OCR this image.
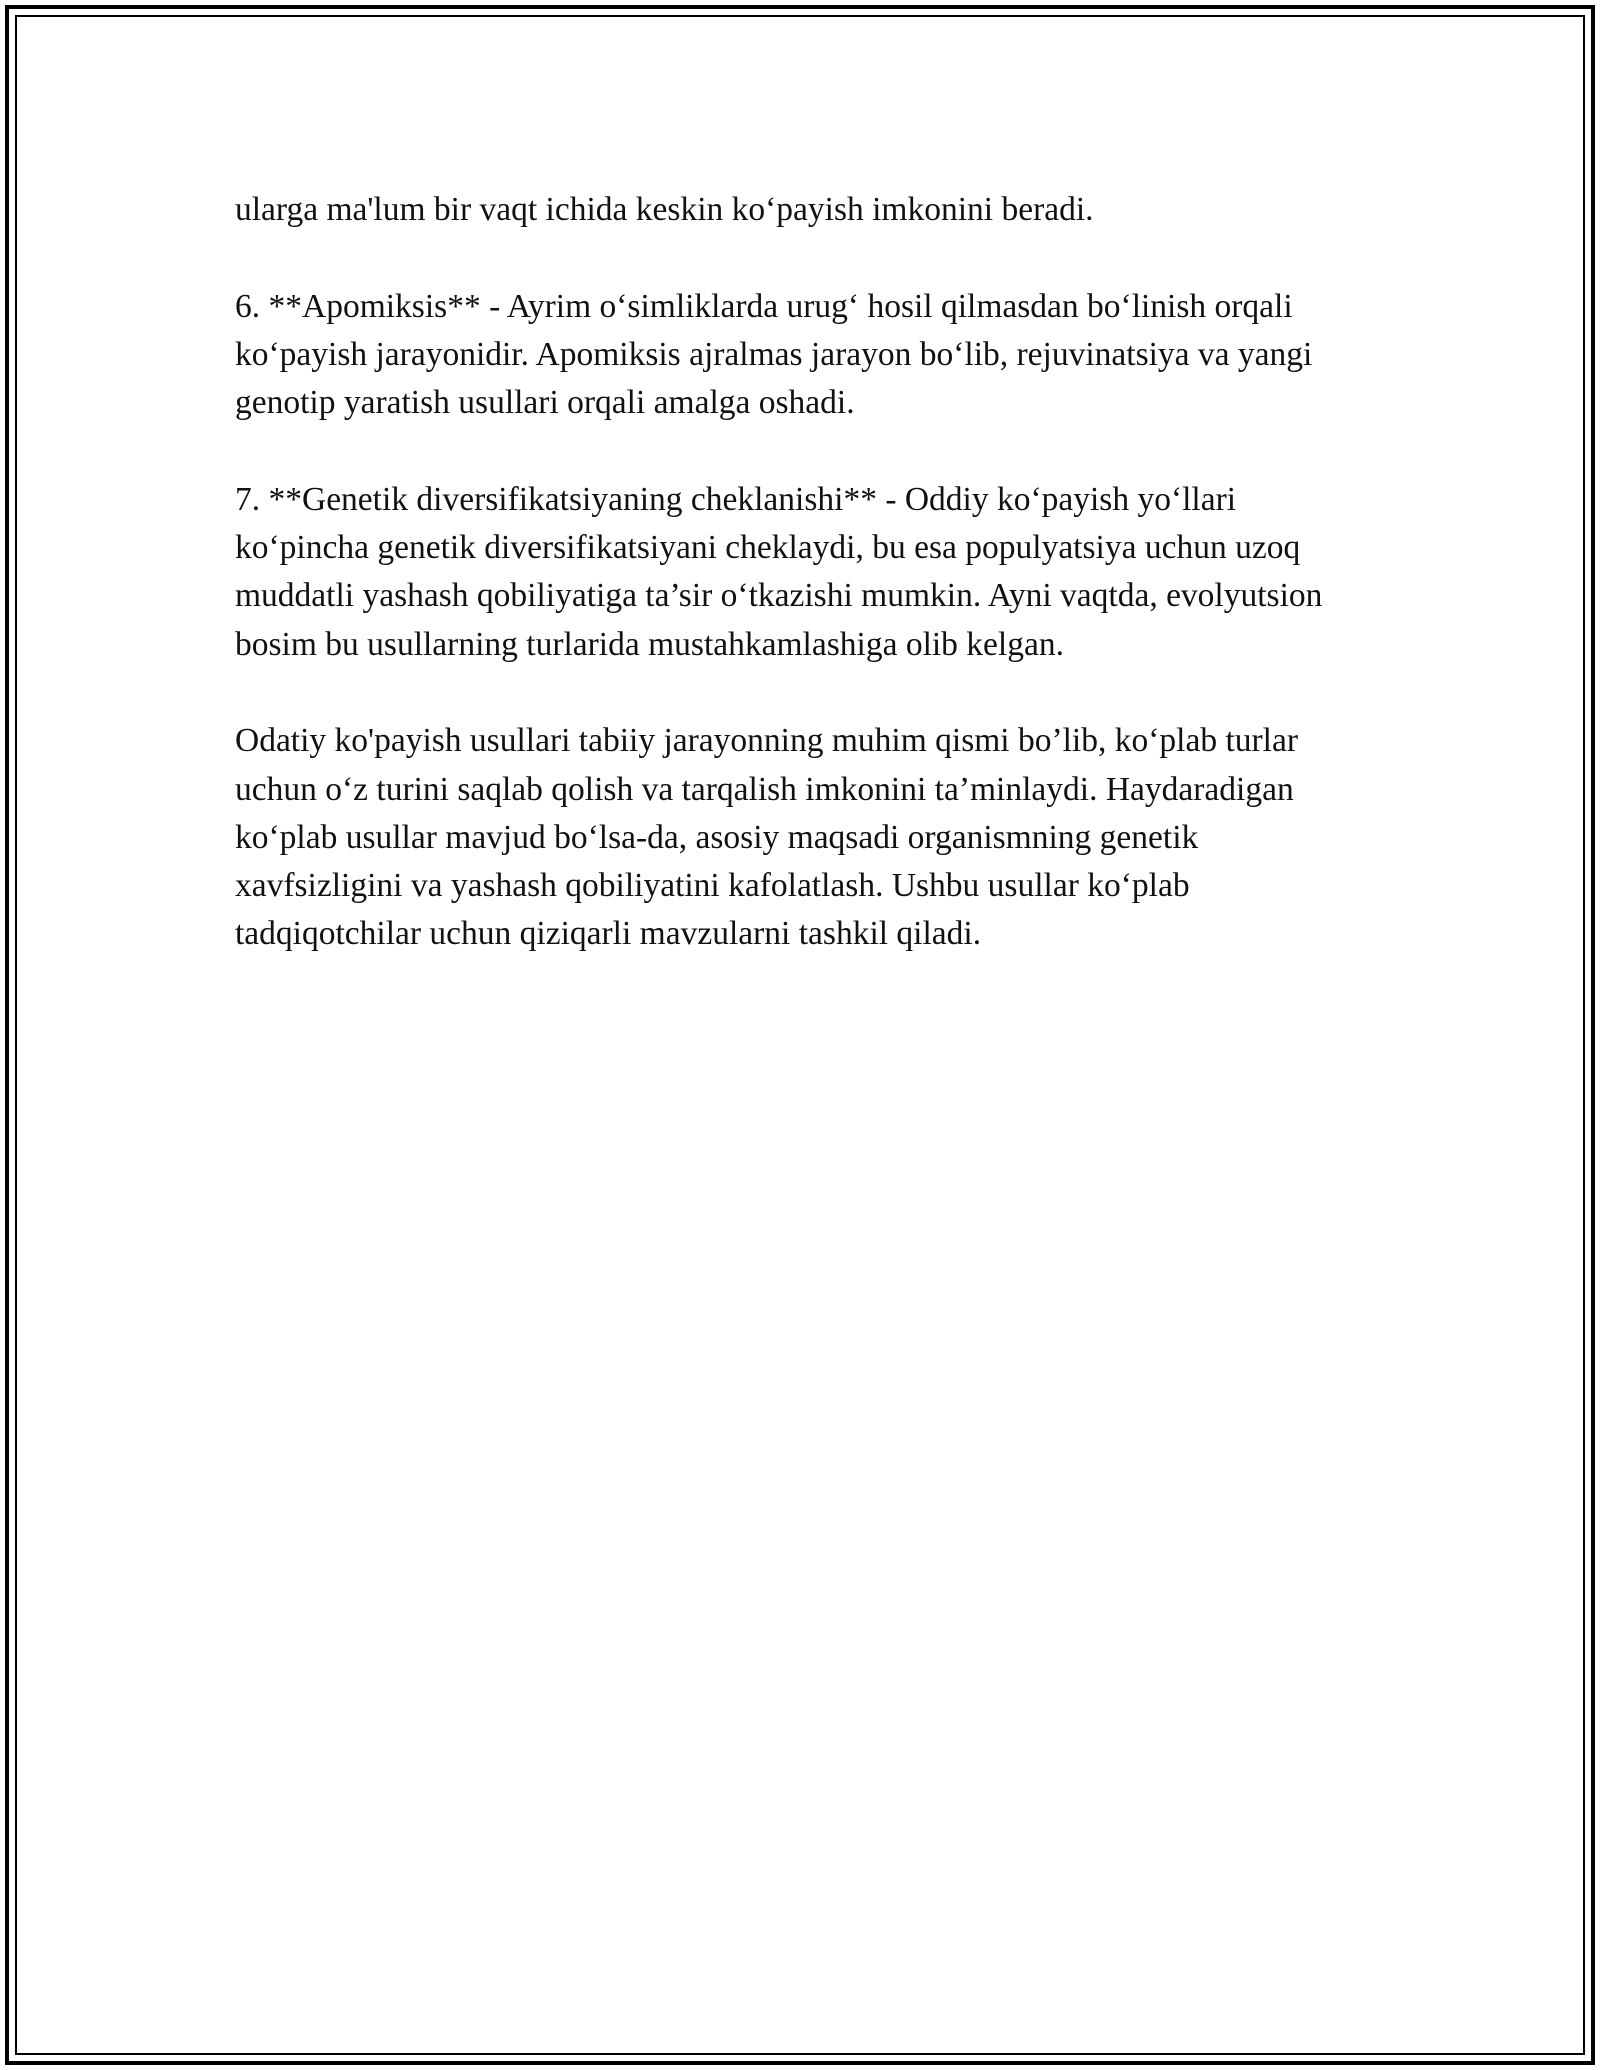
ularga ma'lum bir vaqt ichida keskin ko‘payish imkonini beradi.

6. **Apomiksis** - Ayrim o‘simliklarda urug‘ hosil qilmasdan bo‘linish orqali ko‘payish jarayonidir. Apomiksis ajralmas jarayon bo‘lib, rejuvinatsiya va yangi genotip yaratish usullari orqali amalga oshadi.

7. **Genetik diversifikatsiyaning cheklanishi** - Oddiy ko‘payish yo‘llari ko‘pincha genetik diversifikatsiyani cheklaydi, bu esa populyatsiya uchun uzoq muddatli yashash qobiliyatiga ta’sir o‘tkazishi mumkin. Ayni vaqtda, evolyutsion bosim bu usullarning turlarida mustahkamlashiga olib kelgan.

Odatiy ko'payish usullari tabiiy jarayonning muhim qismi bo’lib, ko‘plab turlar uchun o‘z turini saqlab qolish va tarqalish imkonini ta’minlaydi. Haydaradigan ko‘plab usullar mavjud bo‘lsa-da, asosiy maqsadi organismning genetik xavfsizligini va yashash qobiliyatini kafolatlash. Ushbu usullar ko‘plab tadqiqotchilar uchun qiziqarli mavzularni tashkil qiladi.
